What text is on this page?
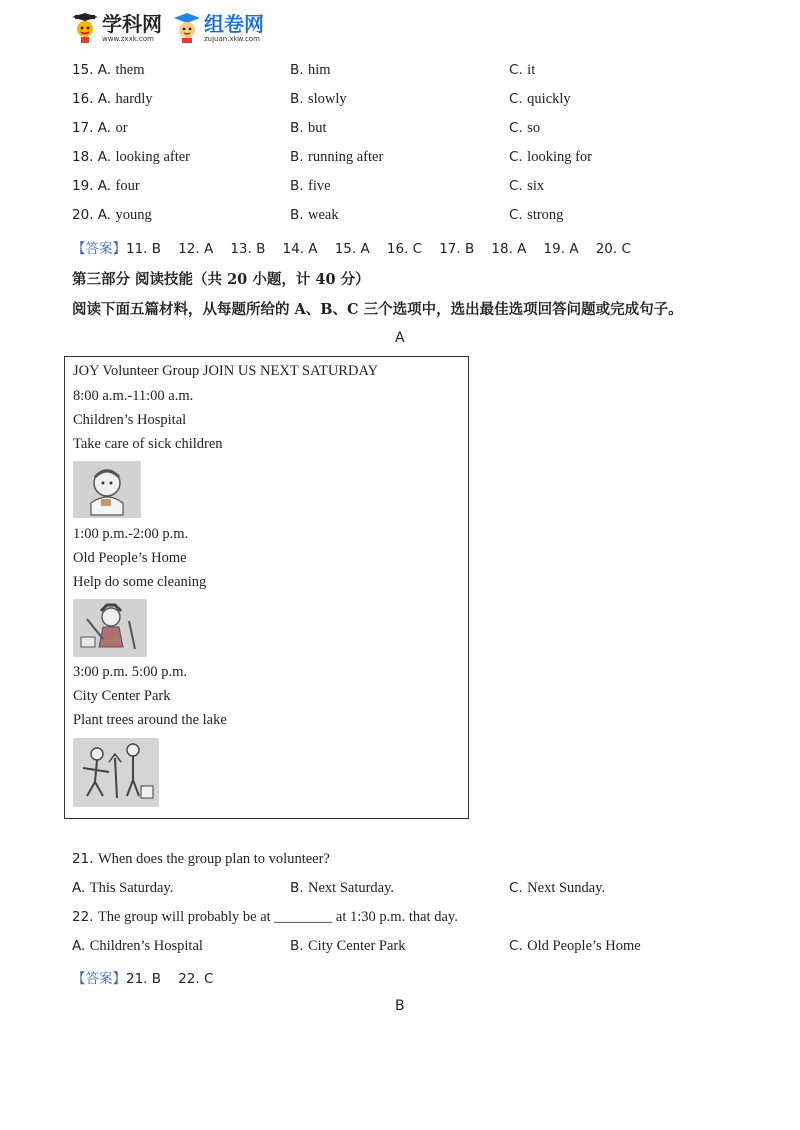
学科网
www.zxxk.com
组卷网
zujuan.xkw.com
15. A. them	B. him	C. it
16. A. hardly	B. slowly	C. quickly
17. A. or	B. but	C. so
18. A. looking after	B. running after	C. looking for
19. A. four	B. five	C. six
20. A. young	B. weak	C. strong
【答案】11. B    12. A    13. B    14. A    15. A    16. C    17. B    18. A    19. A    20. C
第三部分 阅读技能（共 20 小题，计 40 分）
阅读下面五篇材料，从每题所给的 A、B、C 三个选项中，选出最佳选项回答问题或完成句子。
A
JOY Volunteer Group JOIN US NEXT SATURDAY
8:00 a.m.-11:00 a.m.
Children’s Hospital
Take care of sick children
1:00 p.m.-2:00 p.m.
Old People’s Home
Help do some cleaning
3:00 p.m. 5:00 p.m.
City Center Park
Plant trees around the lake
21. When does the group plan to volunteer?
A. This Saturday.	B. Next Saturday.	C. Next Sunday.
22. The group will probably be at ________ at 1:30 p.m. that day.
A. Children’s Hospital	B. City Center Park	C. Old People’s Home
【答案】21. B    22. C
B
